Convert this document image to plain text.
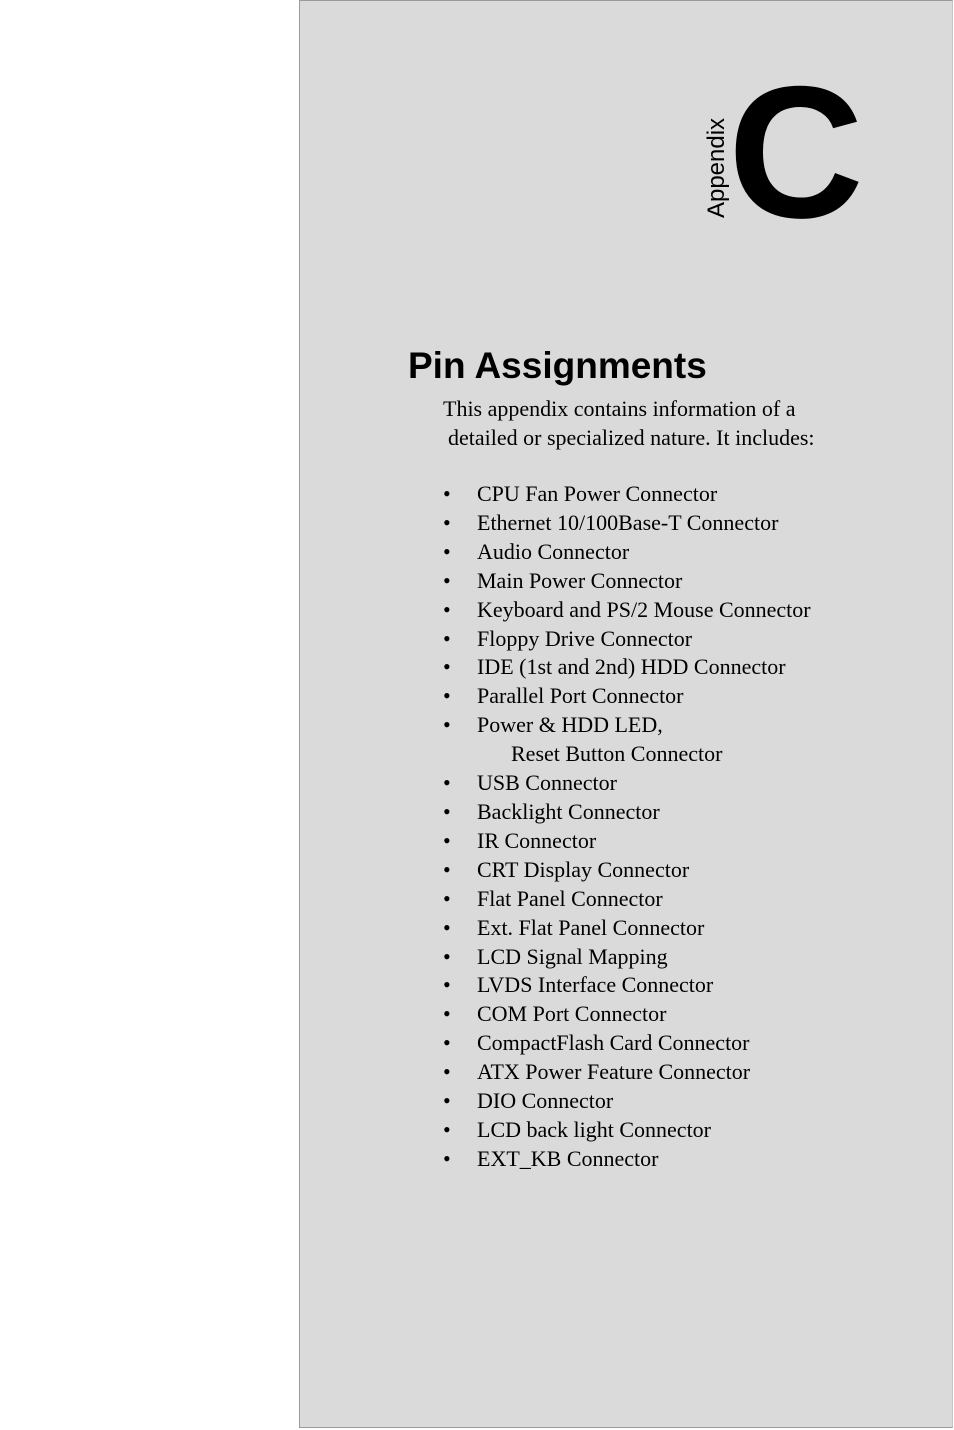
Appendix
C
Pin Assignments
This appendix contains information of a
detailed or specialized nature. It includes:
• CPU Fan Power Connector
• Ethernet 10/100Base-T Connector
• Audio Connector
• Main Power Connector
• Keyboard and PS/2 Mouse Connector
• Floppy Drive Connector
• IDE (1st and 2nd) HDD Connector
• Parallel Port Connector
• Power & HDD LED,
Reset Button Connector
• USB Connector
• Backlight Connector
• IR Connector
• CRT Display Connector
• Flat Panel Connector
• Ext. Flat Panel Connector
• LCD Signal Mapping
• LVDS Interface Connector
• COM Port Connector
• CompactFlash Card Connector
• ATX Power Feature Connector
• DIO Connector
• LCD back light Connector
• EXT_KB Connector
